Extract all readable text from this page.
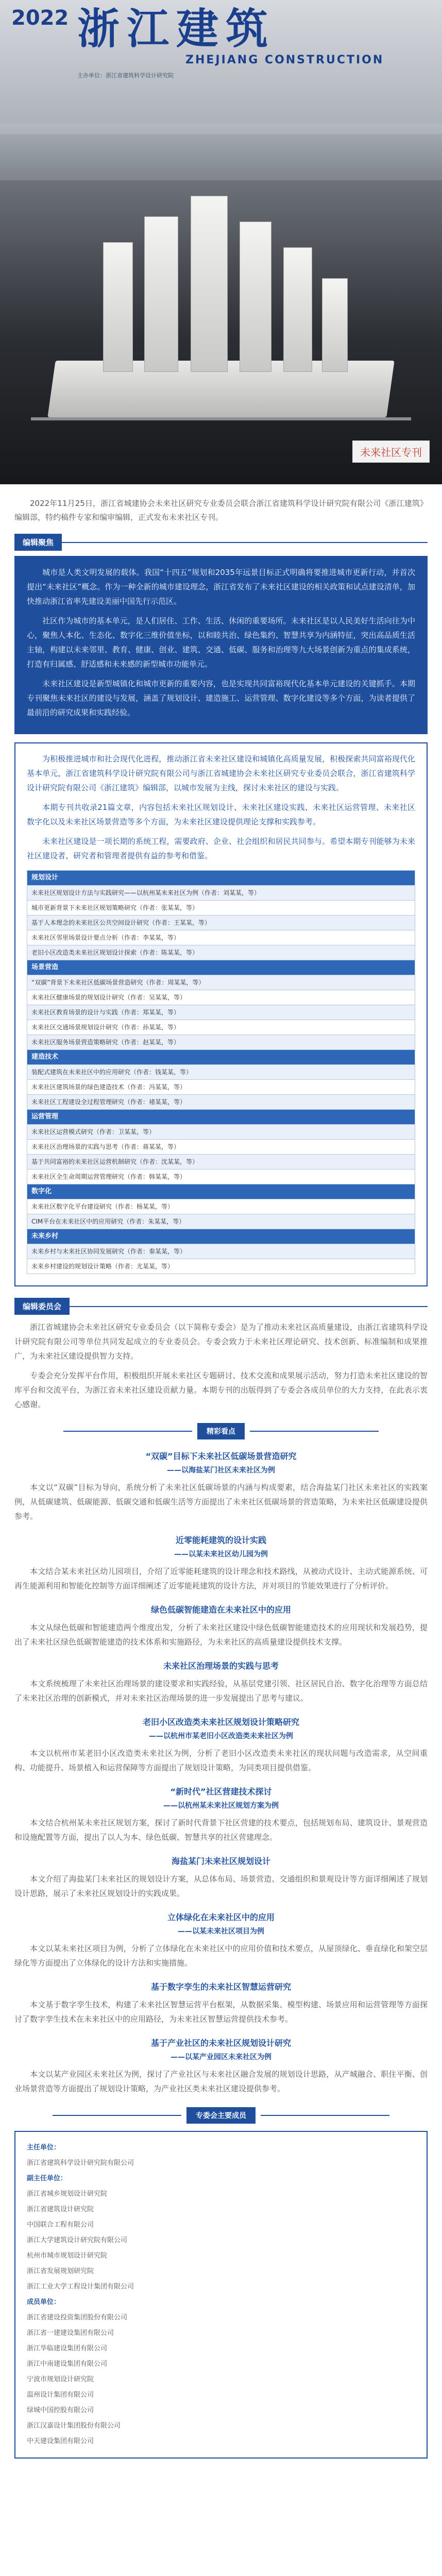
2022 浙江建筑
ZHEJIANG CONSTRUCTION
主办单位：浙江省建筑科学设计研究院
未来社区专刊

2022年11月25日，浙江省城建协会未来社区研究专业委员会联合浙江省建筑科学设计研究院有限公司《浙江建筑》编辑部，特约稿件专家和编审编辑，正式发布未来社区专刊。

编辑聚焦

城市是人类文明发展的载体。我国“十四五”规划和2035年远景目标正式明确将要推进城市更新行动，并首次提出“未来社区”概念。作为一种全新的城市建设理念，浙江省发布了未来社区建设的相关政策和试点建设清单，加快推动浙江省率先建设美丽中国先行示范区。

社区作为城市的基本单元，是人们居住、工作、生活、休闲的重要场所。未来社区是以人民美好生活向往为中心，聚焦人本化、生态化、数字化三维价值坐标，以和睦共治、绿色集约、智慧共享为内涵特征，突出高品质生活主轴，构建以未来邻里、教育、健康、创业、建筑、交通、低碳、服务和治理等九大场景创新为重点的集成系统，打造有归属感、舒适感和未来感的新型城市功能单元。

未来社区建设是新型城镇化和城市更新的重要内容，也是实现共同富裕现代化基本单元建设的关键抓手。本期专刊聚焦未来社区的建设与发展，涵盖了规划设计、建造施工、运营管理、数字化建设等多个方面，为读者提供了最前沿的研究成果和实践经验。

为积极推进城市和社会现代化进程，推动浙江省未来社区建设和城镇化高质量发展，积极探索共同富裕现代化基本单元，浙江省建筑科学设计研究院有限公司与浙江省城建协会未来社区研究专业委员会联合，浙江省建筑科学设计研究院有限公司《浙江建筑》编辑部，以城市发展为主线，探讨未来社区的建设与实践。

本期专刊共收录21篇文章，内容包括未来社区规划设计、未来社区建设实践、未来社区运营管理、未来社区数字化以及未来社区场景营造等多个方面，为未来社区建设提供理论支撑和实践参考。

未来社区建设是一项长期的系统工程，需要政府、企业、社会组织和居民共同参与。希望本期专刊能够为未来社区建设者、研究者和管理者提供有益的参考和借鉴。

规划设计
未来社区规划设计方法与实践研究——以杭州某未来社区为例（作者：刘某某，等）
城市更新背景下未来社区规划策略研究（作者：张某某，等）
基于人本理念的未来社区公共空间设计研究（作者：王某某，等）
未来社区邻里场景设计要点分析（作者：李某某，等）
老旧小区改造类未来社区规划设计探索（作者：陈某某，等）
场景营造
“双碳”背景下未来社区低碳场景营造研究（作者：周某某，等）
未来社区健康场景的规划设计研究（作者：吴某某，等）
未来社区教育场景的设计与实践（作者：郑某某，等）
未来社区交通场景规划设计研究（作者：孙某某，等）
未来社区服务场景营造策略研究（作者：赵某某，等）
建造技术
装配式建筑在未来社区中的应用研究（作者：钱某某，等）
未来社区建筑场景的绿色建造技术（作者：冯某某，等）
未来社区工程建设全过程管理研究（作者：褚某某，等）
运营管理
未来社区运营模式研究（作者：卫某某，等）
未来社区治理场景的实践与思考（作者：蒋某某，等）
基于共同富裕的未来社区运营机制研究（作者：沈某某，等）
未来社区全生命周期运营管理研究（作者：韩某某，等）
数字化
未来社区数字化平台建设研究（作者：杨某某，等）
CIM平台在未来社区中的应用研究（作者：朱某某，等）
未来乡村
未来乡村与未来社区协同发展研究（作者：秦某某，等）
未来乡村建设的规划设计策略（作者：尤某某，等）
编辑委员会

浙江省城建协会未来社区研究专业委员会（以下简称专委会）是为了推动未来社区高质量建设，由浙江省建筑科学设计研究院有限公司等单位共同发起成立的专业委员会。专委会致力于未来社区理论研究、技术创新、标准编制和成果推广，为未来社区建设提供智力支持。

专委会充分发挥平台作用，积极组织开展未来社区专题研讨、技术交流和成果展示活动，努力打造未来社区建设的智库平台和交流平台，为浙江省未来社区建设贡献力量。本期专刊的出版得到了专委会各成员单位的大力支持，在此表示衷心感谢。

精彩看点
“双碳”目标下未来社区低碳场景营造研究
——以海盐某门社区未来社区为例

本文以“双碳”目标为导向，系统分析了未来社区低碳场景的内涵与构成要素，结合海盐某门社区未来社区的实践案例，从低碳建筑、低碳能源、低碳交通和低碳生活等方面提出了未来社区低碳场景的营造策略，为未来社区低碳建设提供参考。

近零能耗建筑的设计实践
——以某未来社区幼儿园为例

本文结合某未来社区幼儿园项目，介绍了近零能耗建筑的设计理念和技术路线，从被动式设计、主动式能源系统、可再生能源利用和智能化控制等方面详细阐述了近零能耗建筑的设计方法，并对项目的节能效果进行了分析评价。

绿色低碳智能建造在未来社区中的应用

本文从绿色低碳和智能建造两个维度出发，分析了未来社区建设中绿色低碳智能建造技术的应用现状和发展趋势，提出了未来社区绿色低碳智能建造的技术体系和实施路径，为未来社区的高质量建设提供技术支撑。

未来社区治理场景的实践与思考

本文系统梳理了未来社区治理场景的建设要求和实践经验，从基层党建引领、社区居民自治、数字化治理等方面总结了未来社区治理的创新模式，并对未来社区治理场景的进一步发展提出了思考与建议。

老旧小区改造类未来社区规划设计策略研究
——以杭州市某老旧小区改造类未来社区为例

本文以杭州市某老旧小区改造类未来社区为例，分析了老旧小区改造类未来社区的现状问题与改造需求，从空间重构、功能提升、场景植入和运营保障等方面提出了规划设计策略，为同类项目提供借鉴。

“新时代”社区营建技术探讨
——以杭州某未来社区规划方案为例

本文结合杭州某未来社区规划方案，探讨了新时代背景下社区营建的技术要点，包括规划布局、建筑设计、景观营造和设施配置等方面，提出了以人为本、绿色低碳、智慧共享的社区营建理念。

海盐某门未来社区规划设计

本文介绍了海盐某门未来社区的规划设计方案，从总体布局、场景营造、交通组织和景观设计等方面详细阐述了规划设计思路，展示了未来社区规划设计的实践成果。

立体绿化在未来社区中的应用
——以某未来社区项目为例

本文以某未来社区项目为例，分析了立体绿化在未来社区中的应用价值和技术要点，从屋顶绿化、垂直绿化和架空层绿化等方面提出了立体绿化的设计方法和实施措施。

基于数字孪生的未来社区智慧运营研究

本文基于数字孪生技术，构建了未来社区智慧运营平台框架，从数据采集、模型构建、场景应用和运营管理等方面探讨了数字孪生技术在未来社区中的应用路径，为未来社区智慧运营提供技术参考。

基于产业社区的未来社区规划设计研究
——以某产业园区未来社区为例

本文以某产业园区未来社区为例，探讨了产业社区与未来社区融合发展的规划设计思路，从产城融合、职住平衡、创业场景营造等方面提出了规划设计策略，为产业社区类未来社区建设提供参考。

专委会主要成员
主任单位：
浙江省建筑科学设计研究院有限公司
副主任单位：
浙江省城乡规划设计研究院
浙江省建筑设计研究院
中国联合工程有限公司
浙江大学建筑设计研究院有限公司
杭州市城市规划设计研究院
浙江省发展规划研究院
浙江工业大学工程设计集团有限公司
成员单位：
浙江省建设投资集团股份有限公司
浙江省一建建设集团有限公司
浙江华临建设集团有限公司
浙江中南建设集团有限公司
宁波市规划设计研究院
温州设计集团有限公司
绿城中国控股有限公司
浙江汉嘉设计集团股份有限公司
中天建设集团有限公司
